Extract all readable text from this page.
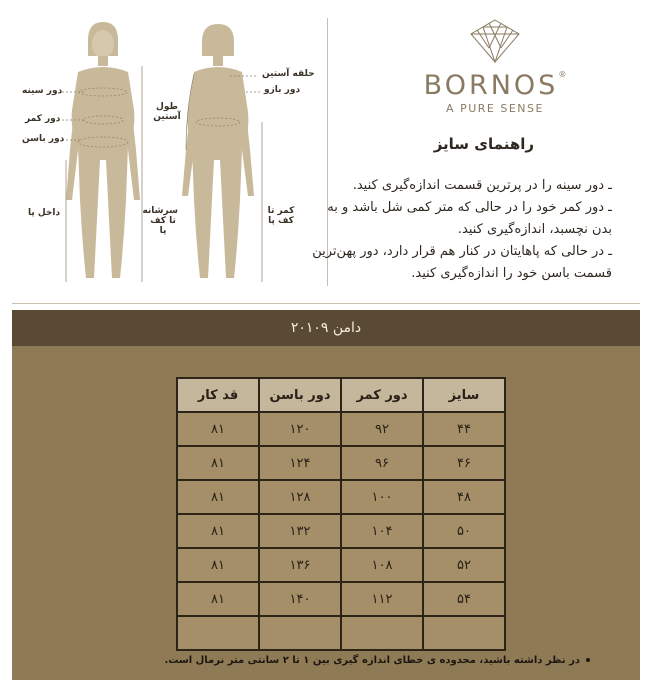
دور سینه
دور کمر
دور باسن
داخل پا	سرشانه تا کف پا
حلقه آستین
دور بازو
طول آستین
کمر تا کف پا
BORNOS®
A PURE SENSE
راهنمای سایز

ـ دور سینه را در پرترین قسمت اندازه‌گیری کنید.

ـ دور کمر خود را در حالی که متر کمی شل باشد و به بدن نچسبد، اندازه‌گیری کنید.

ـ در حالی که پاهایتان در کنار هم قرار دارد، دور پهن‌ترین قسمت باسن خود را اندازه‌گیری کنید.

دامن ۲۰۱۰۹
سایز	دور کمر	دور باسن	قد کار
۴۴	۹۲	۱۲۰	۸۱
۴۶	۹۶	۱۲۴	۸۱
۴۸	۱۰۰	۱۲۸	۸۱
۵۰	۱۰۴	۱۳۲	۸۱
۵۲	۱۰۸	۱۳۶	۸۱
۵۴	۱۱۲	۱۴۰	۸۱

در نظر داشته باشید، محدوده ی خطای اندازه گیری بین ۱ تا ۲ سانتی متر نرمال است.
